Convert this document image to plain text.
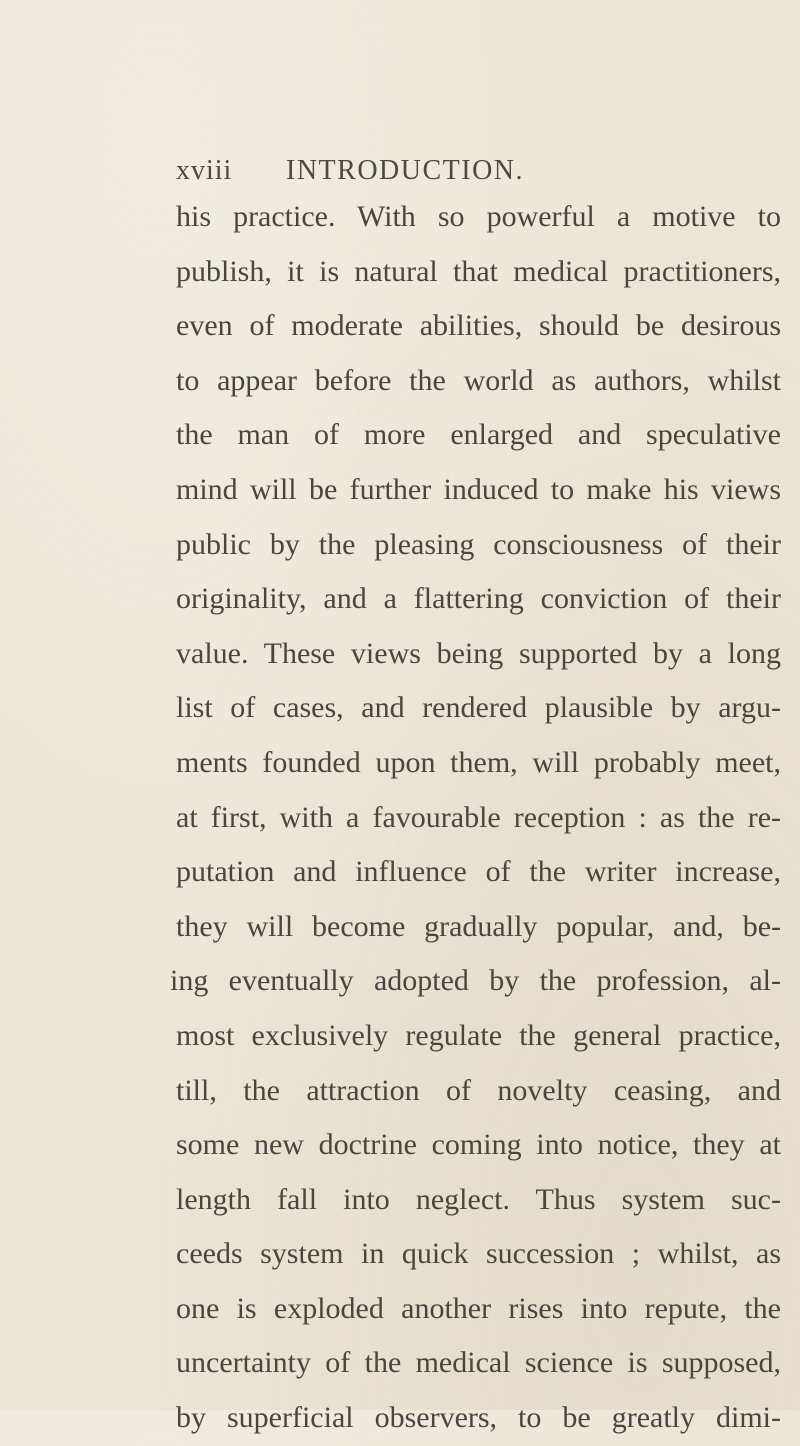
xviii INTRODUCTION.
his practice. With so powerful a motive to
publish, it is natural that medical practitioners,
even of moderate abilities, should be desirous
to appear before the world as authors, whilst
the man of more enlarged and speculative
mind will be further induced to make his views
public by the pleasing consciousness of their
originality, and a flattering conviction of their
value. These views being supported by a long
list of cases, and rendered plausible by argu-
ments founded upon them, will probably meet,
at first, with a favourable reception : as the re-
putation and influence of the writer increase,
they will become gradually popular, and, be-
ing eventually adopted by the profession, al-
most exclusively regulate the general practice,
till, the attraction of novelty ceasing, and
some new doctrine coming into notice, they at
length fall into neglect. Thus system suc-
ceeds system in quick succession ; whilst, as
one is exploded another rises into repute, the
uncertainty of the medical science is supposed,
by superficial observers, to be greatly dimi-
